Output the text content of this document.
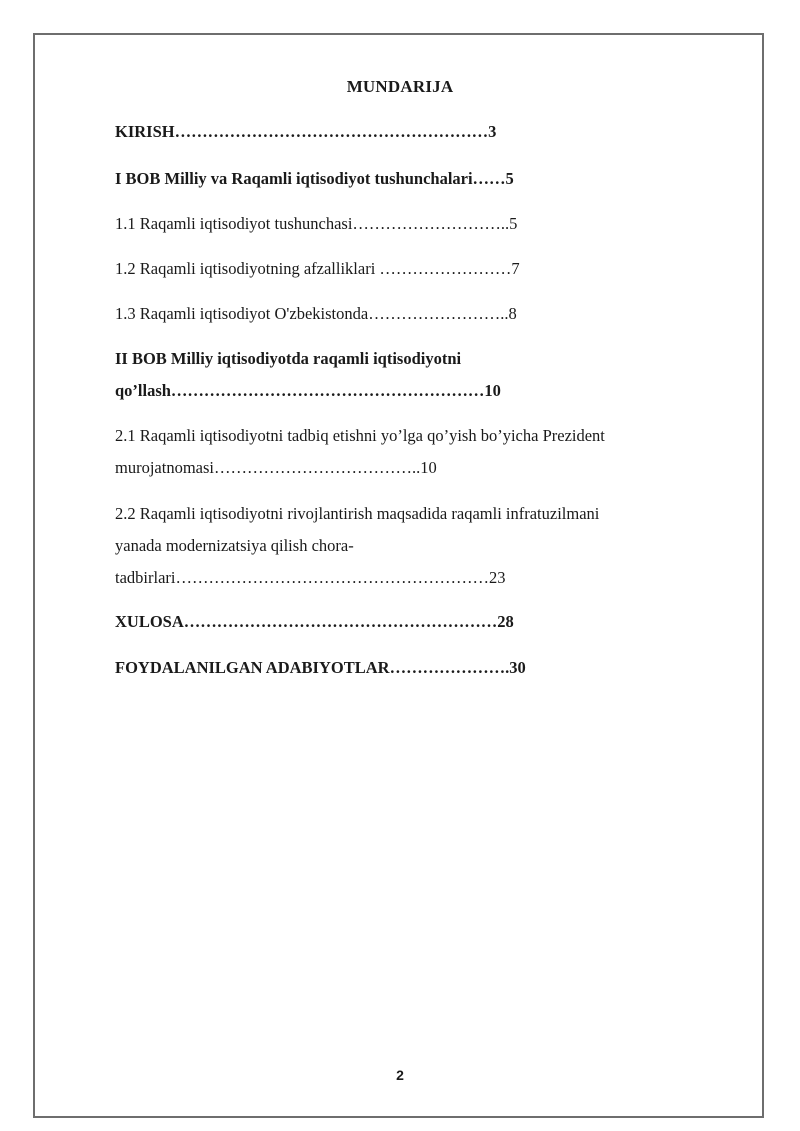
MUNDARIJA
KIRISH…………………………………………………3
I BOB Milliy va Raqamli iqtisodiyot tushunchalari……5
1.1 Raqamli iqtisodiyot tushunchasi………………………..5
1.2 Raqamli iqtisodiyotning afzalliklari ……………………7
1.3 Raqamli iqtisodiyot O'zbekistonda……………………..8
II BOB Milliy iqtisodiyotda raqamli iqtisodiyotni
qo’llash…………………………………………………10
2.1 Raqamli iqtisodiyotni tadbiq etishni yo’lga qo’yish bo’yicha Prezident
murojatnomasi………………………………..10
2.2 Raqamli iqtisodiyotni rivojlantirish maqsadida raqamli infratuzilmani
yanada modernizatsiya qilish chora-
tadbirlari…………………………………………………23
XULOSA…………………………………………………28
FOYDALANILGAN ADABIYOTLAR………………….30
2
